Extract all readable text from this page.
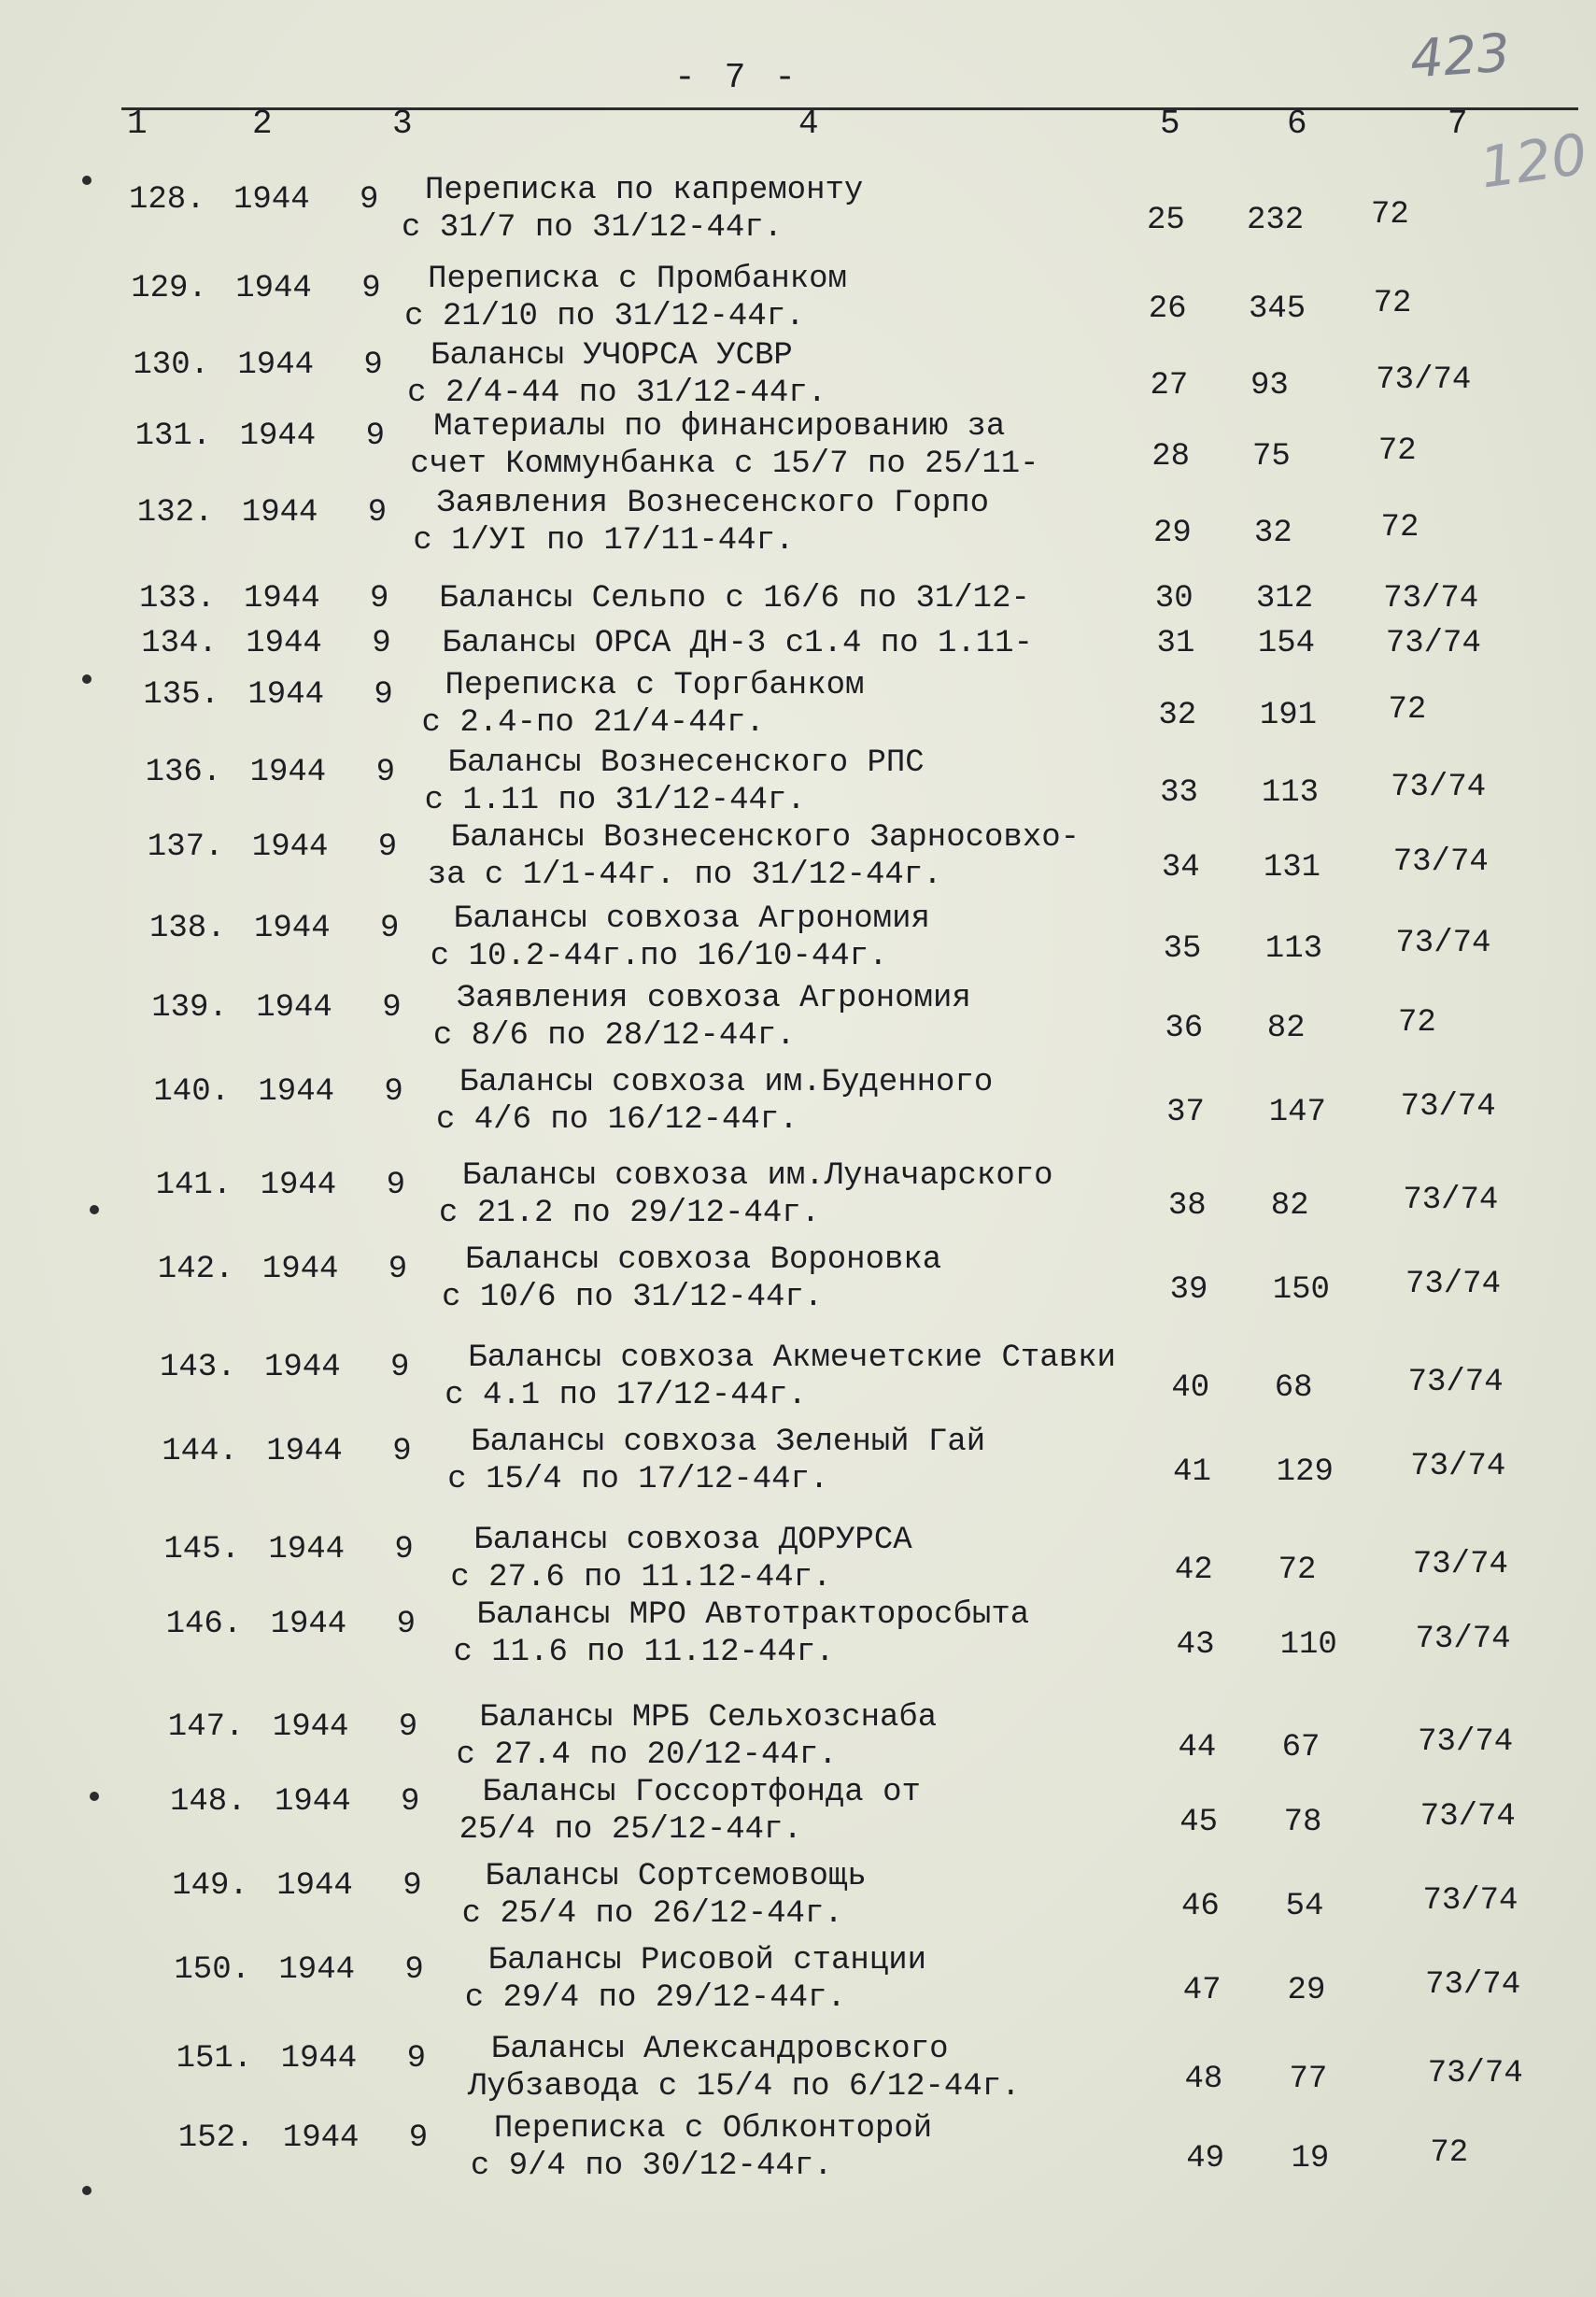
- 7 -	423
120
1	2	3	4	5	6	7
128. 1944 9 Переписка по капремонту
с 31/7 по 31/12-44г.	25 232 72
129. 1944 9 Переписка с Промбанком
с 21/10 по 31/12-44г.	26 345 72
130. 1944 9 Балансы УЧОРСА УСВР
с 2/4-44 по 31/12-44г.	27 93	73/74
131. 1944 9 Материалы по финансированию за
счет Коммунбанка с 15/7 по 25/11-	28 75	72
132. 1944 9 Заявления Вознесенского Горпо
с 1/УI по 17/11-44г.	29 32	72
133. 1944 9 Балансы Сельпо с 16/6 по 31/12-	30 312 73/74
134. 1944 9 Балансы ОРСА ДН-3 с1.4 по 1.11-	31 154 73/74
135. 1944 9 Переписка с Торгбанком
с 2.4-по 21/4-44г.	32 191 72
136. 1944 9 Балансы Вознесенского РПС
с 1.11 по 31/12-44г.	33 113 73/74
137. 1944 9 Балансы Вознесенского Зарносовхо-
за с 1/1-44г. по 31/12-44г.	34 131 73/74
138. 1944 9 Балансы совхоза Агрономия
с 10.2-44г.по 16/10-44г.	35 113 73/74
139. 1944 9 Заявления совхоза Агрономия
с 8/6 по 28/12-44г.	36 82	72
140. 1944 9 Балансы совхоза им.Буденного
с 4/6 по 16/12-44г.	37 147 73/74
141. 1944 9 Балансы совхоза им.Луначарского
с 21.2 по 29/12-44г.	38 82	73/74
142. 1944 9 Балансы совхоза Вороновка
с 10/6 по 31/12-44г.	39 150 73/74
143. 1944 9 Балансы совхоза Акмечетские Ставки
с 4.1 по 17/12-44г.	40 68	73/74
144. 1944 9 Балансы совхоза Зеленый Гай
с 15/4 по 17/12-44г.	41 129 73/74
145. 1944 9 Балансы совхоза ДОРУРСА
с 27.6 по 11.12-44г.	42 72	73/74
146. 1944 9 Балансы МРО Автотракторосбыта
с 11.6 по 11.12-44г.	43 110 73/74
147. 1944 9 Балансы МРБ Сельхозснаба
с 27.4 по 20/12-44г.	44 67	73/74
148. 1944 9 Балансы Госсортфонда от
25/4 по 25/12-44г.	45 78	73/74
149. 1944 9 Балансы Сортсемовощь
с 25/4 по 26/12-44г.	46 54	73/74
150. 1944 9 Балансы Рисовой станции
с 29/4 по 29/12-44г.	47 29	73/74
151. 1944 9 Балансы Александровского
Лубзавода с 15/4 по 6/12-44г.	48 77	73/74
152. 1944 9 Переписка с Облконторой
с 9/4 по 30/12-44г.	49 19	72
